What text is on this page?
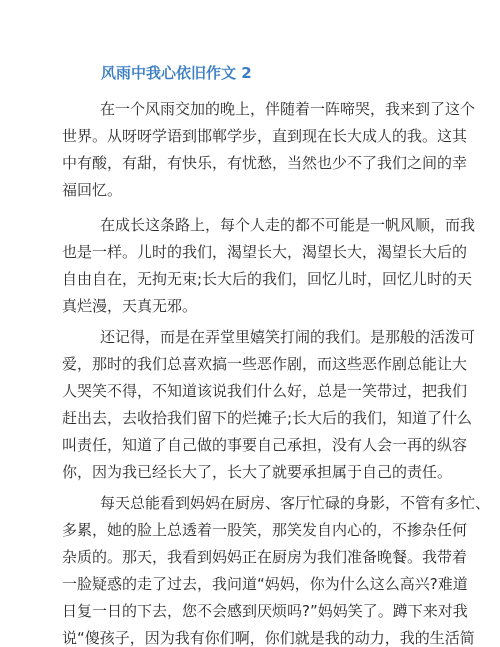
风雨中我心依旧作文 2
在一个风雨交加的晚上，伴随着一阵啼哭，我来到了这个
世界。从呀呀学语到邯郸学步，直到现在长大成人的我。这其
中有酸，有甜，有快乐，有忧愁，当然也少不了我们之间的幸
福回忆。
在成长这条路上，每个人走的都不可能是一帆风顺，而我
也是一样。儿时的我们，渴望长大，渴望长大，渴望长大后的
自由自在，无拘无束;长大后的我们，回忆儿时，回忆儿时的天
真烂漫，天真无邪。
还记得，而是在弄堂里嬉笑打闹的我们。是那般的活泼可
爱，那时的我们总喜欢搞一些恶作剧，而这些恶作剧总能让大
人哭笑不得，不知道该说我们什么好，总是一笑带过，把我们
赶出去，去收拾我们留下的烂摊子;长大后的我们，知道了什么
叫责任，知道了自己做的事要自己承担，没有人会一再的纵容
你，因为我已经长大了，长大了就要承担属于自己的责任。
每天总能看到妈妈在厨房、客厅忙碌的身影，不管有多忙、
多累，她的脸上总透着一股笑，那笑发自内心的，不掺杂任何
杂质的。那天，我看到妈妈正在厨房为我们准备晚餐。我带着
一脸疑惑的走了过去，我问道“妈妈，你为什么这么高兴?难道
日复一日的下去，您不会感到厌烦吗?”妈妈笑了。蹲下来对我
说“傻孩子，因为我有你们啊，你们就是我的动力，我的生活简
